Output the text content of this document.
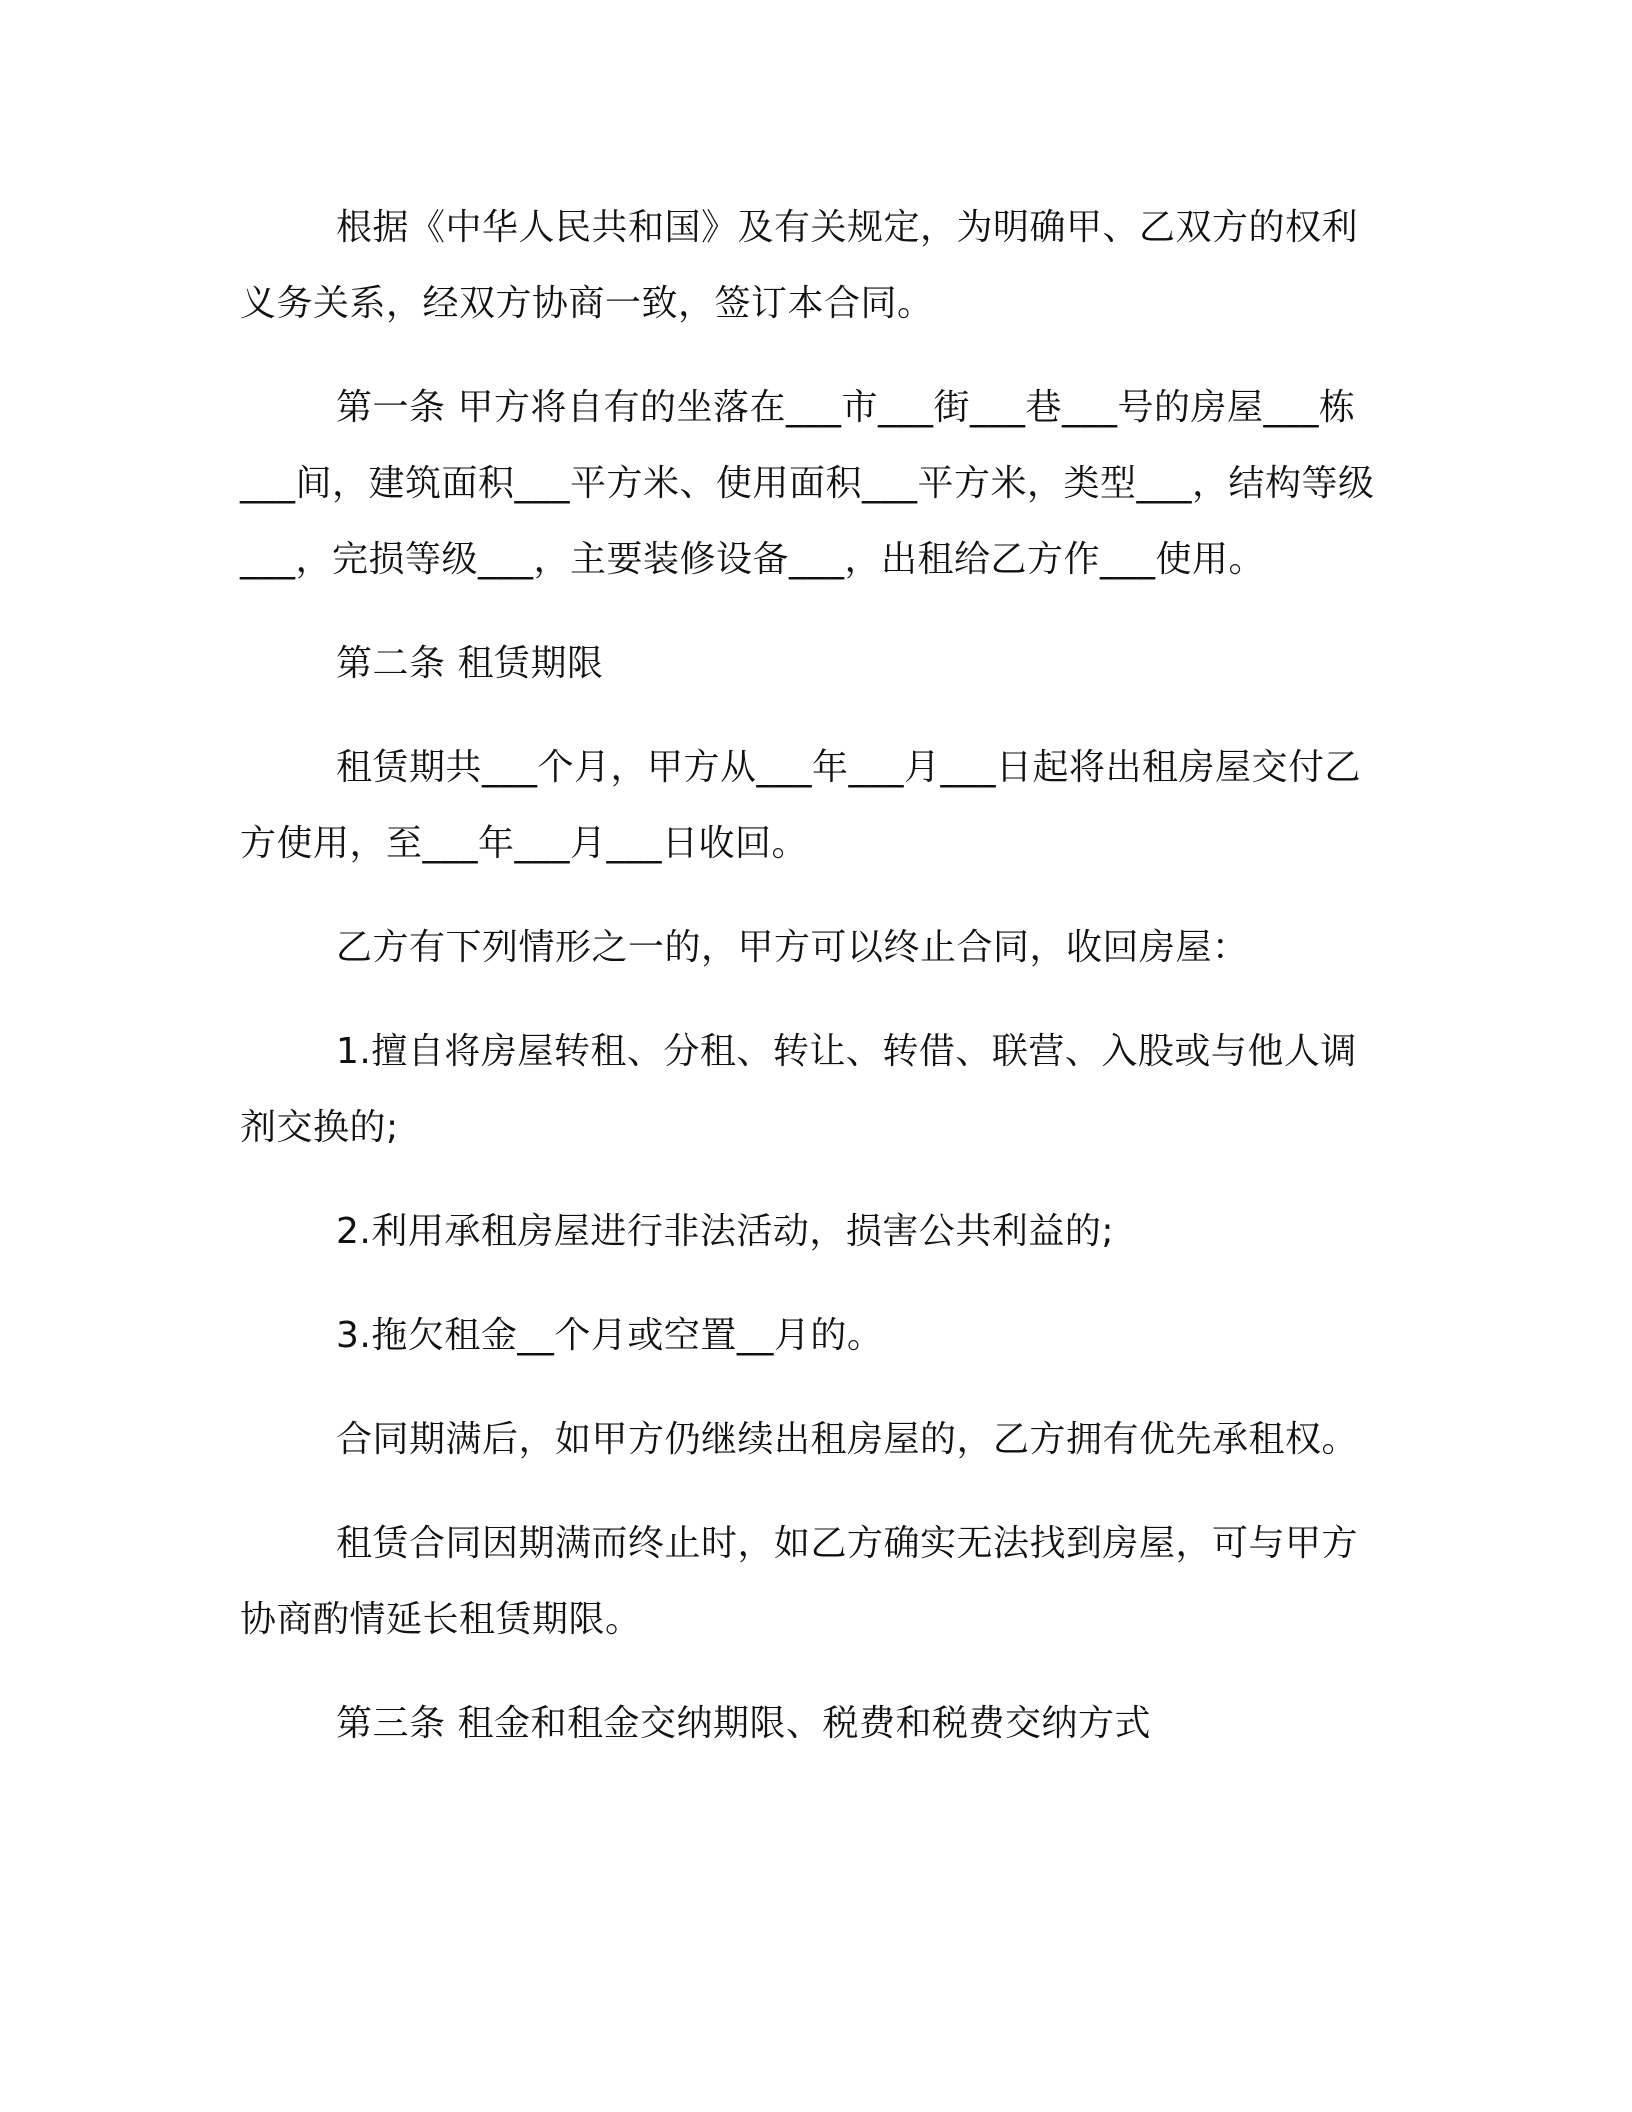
根据《中华人民共和国》及有关规定，为明确甲、乙双方的权利义务关系，经双方协商一致，签订本合同。

第一条 甲方将自有的坐落在___市___街___巷___号的房屋___栋___间，建筑面积___平方米、使用面积___平方米，类型___，结构等级___，完损等级___，主要装修设备___，出租给乙方作___使用。

第二条 租赁期限

租赁期共___个月，甲方从___年___月___日起将出租房屋交付乙方使用，至___年___月___日收回。

乙方有下列情形之一的，甲方可以终止合同，收回房屋：

1.擅自将房屋转租、分租、转让、转借、联营、入股或与他人调剂交换的;

2.利用承租房屋进行非法活动，损害公共利益的;

3.拖欠租金__个月或空置__月的。

合同期满后，如甲方仍继续出租房屋的，乙方拥有优先承租权。

租赁合同因期满而终止时，如乙方确实无法找到房屋，可与甲方协商酌情延长租赁期限。

第三条 租金和租金交纳期限、税费和税费交纳方式
